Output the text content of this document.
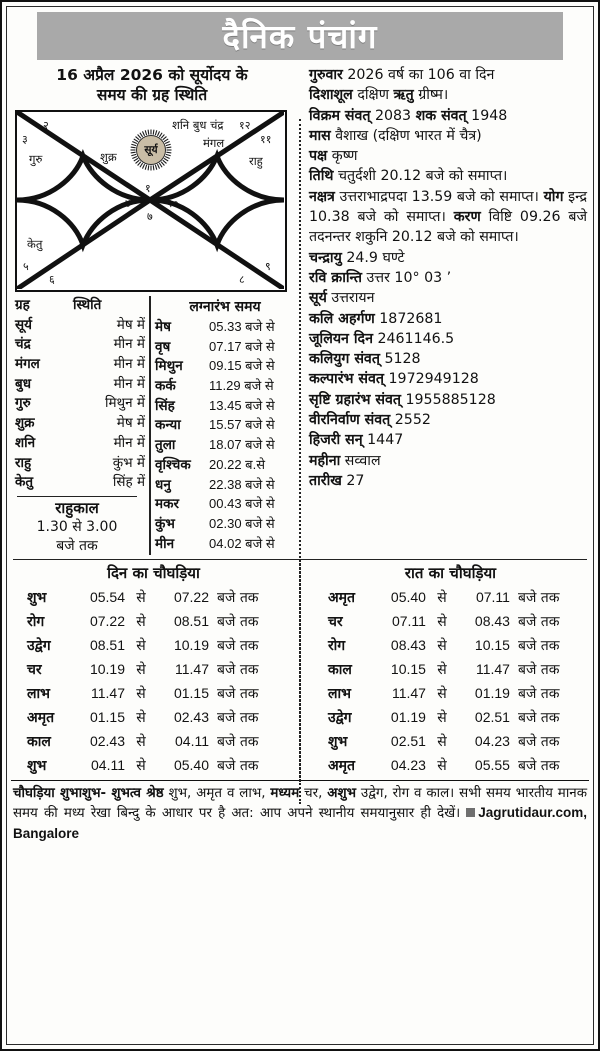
दैनिक पंचांग
16 अप्रैल 2026 को सूर्योदय के
समय की ग्रह स्थिति
२
३
१
४
७
१०
५
६	८
९
११
१२
गुरु	शुक्र
शनि बुध चंद्र
मंगल
राहु
केतु
सूर्य
ग्रह	स्थिति
सूर्य	मेष में
चंद्र	मीन में
मंगल	मीन में
बुध	मीन में
गुरु	मिथुन में
शुक्र	मेष में
शनि	मीन में
राहु	कुंभ में
केतु	सिंह में
राहुकाल
1.30 से 3.00
बजे तक
लग्नारंभ समय
मेष	05.33 बजे से
वृष	07.17 बजे से
मिथुन	09.15 बजे से
कर्क	11.29 बजे से
सिंह	13.45 बजे से
कन्या	15.57 बजे से
तुला	18.07 बजे से
वृश्चिक	20.22 ब.से
धनु	22.38 बजे से
मकर	00.43 बजे से
कुंभ	02.30 बजे से
मीन	04.02 बजे से
गुरुवार 2026 वर्ष का 106 वा दिन
दिशाशूल दक्षिण ऋतु ग्रीष्म।
विक्रम संवत् 2083 शक संवत् 1948
मास वैशाख (दक्षिण भारत में चैत्र)
पक्ष कृष्ण
तिथि चतुर्दशी 20.12 बजे को समाप्त।
नक्षत्र उत्तराभाद्रपदा 13.59 बजे को समाप्त। योग इन्द्र 10.38 बजे को समाप्त। करण विष्टि 09.26 बजे तदनन्तर शकुनि 20.12 बजे को समाप्त।
चन्द्रायु 24.9 घण्टे
रवि क्रान्ति उत्तर 10° 03 ’
सूर्य उत्तरायन
कलि अहर्गण 1872681
जूलियन दिन 2461146.5
कलियुग संवत् 5128
कल्पारंभ संवत् 1972949128
सृष्टि ग्रहारंभ संवत् 1955885128
वीरनिर्वाण संवत् 2552
हिजरी सन् 1447
महीना सव्वाल
तारीख 27
दिन का चौघड़िया
शुभ	05.54 से	07.22 बजे तक
रोग	07.22 से	08.51 बजे तक
उद्वेग	08.51 से	10.19 बजे तक
चर	10.19 से	11.47 बजे तक
लाभ	11.47 से	01.15 बजे तक
अमृत	01.15 से	02.43 बजे तक
काल	02.43 से	04.11 बजे तक
शुभ	04.11 से	05.40 बजे तक
रात का चौघड़िया
अमृत	05.40 से	07.11 बजे तक
चर	07.11 से	08.43 बजे तक
रोग	08.43 से	10.15 बजे तक
काल	10.15 से	11.47 बजे तक
लाभ	11.47 से	01.19 बजे तक
उद्वेग	01.19 से	02.51 बजे तक
शुभ	02.51 से	04.23 बजे तक
अमृत	04.23 से	05.55 बजे तक
चौघड़िया शुभाशुभ- शुभत्व श्रेष्ठ शुभ, अमृत व लाभ, मध्यम चर, अशुभ उद्वेग, रोग व काल। सभी समय भारतीय मानक समय की मध्य रेखा बिन्दु के आधार पर है अत: आप अपने स्थानीय समयानुसार ही देखें। Jagrutidaur.com, Bangalore
